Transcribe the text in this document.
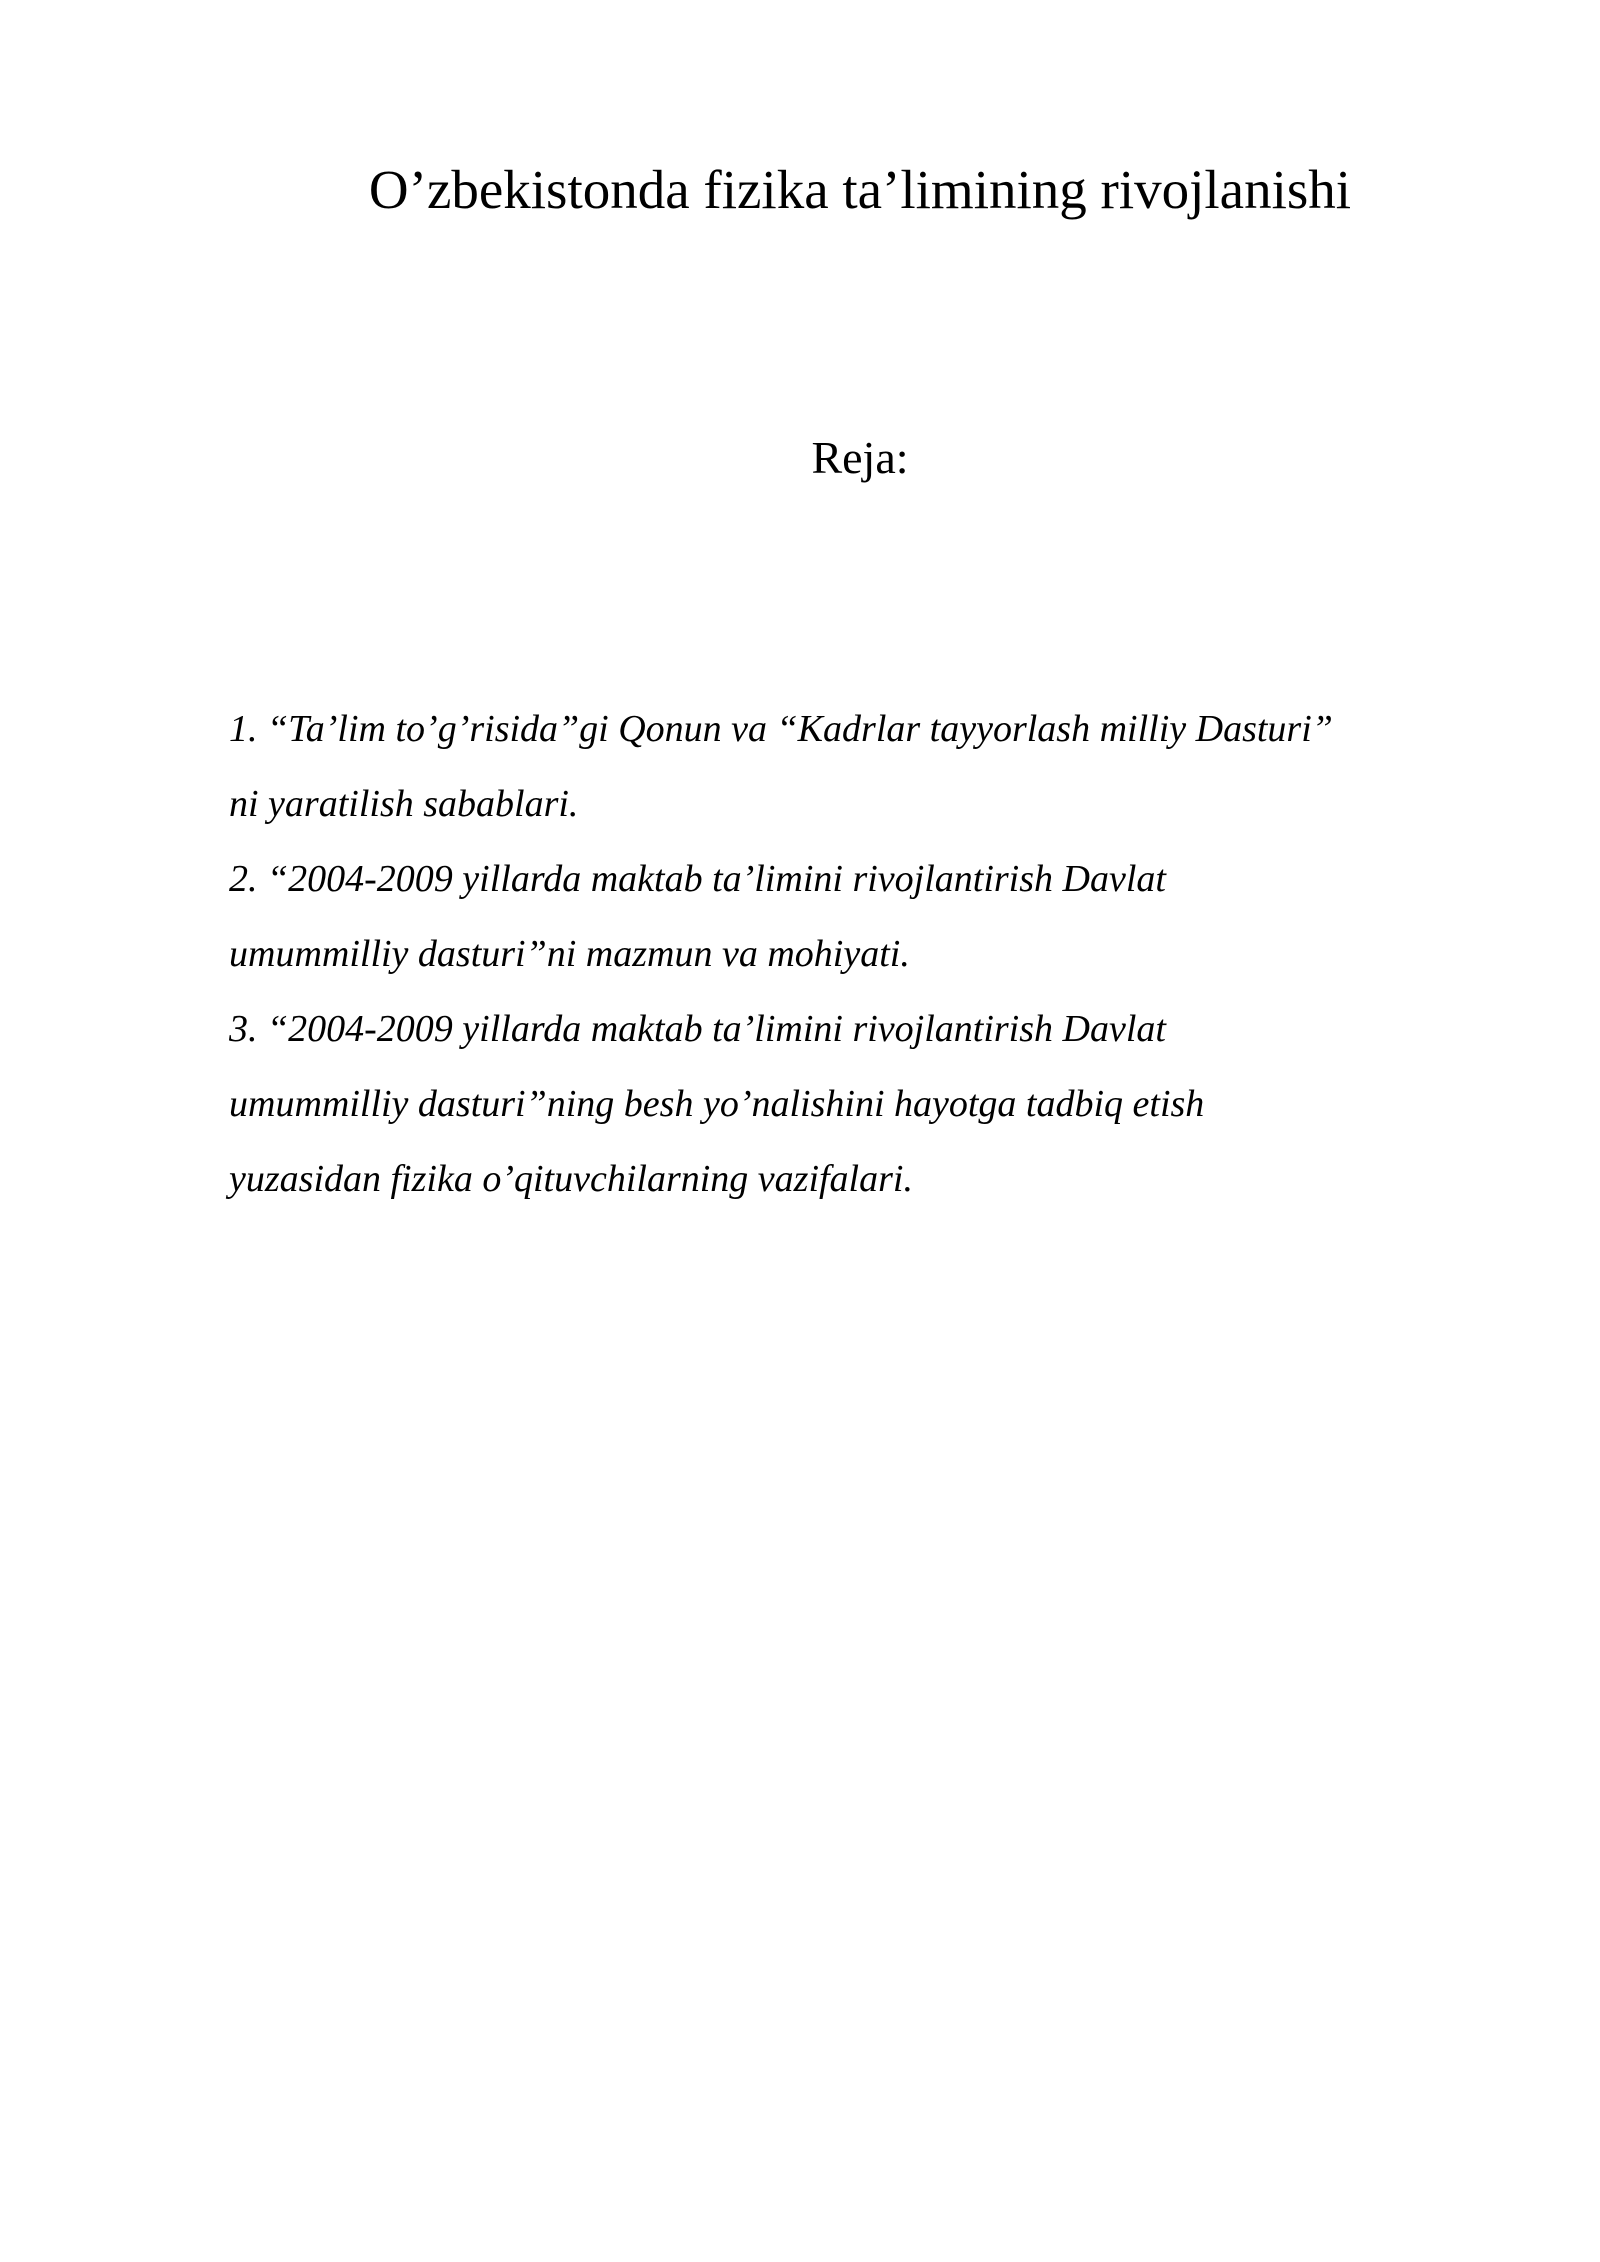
O’zbekistonda fizika ta’limining rivojlanishi

Reja:

1. “Ta’lim to’g’risida”gi Qonun va “Kadrlar tayyorlash milliy Dasturi”
ni yaratilish sabablari.
2. “2004-2009 yillarda maktab ta’limini rivojlantirish Davlat
umummilliy dasturi”ni mazmun va mohiyati.
3. “2004-2009 yillarda maktab ta’limini rivojlantirish Davlat
umummilliy dasturi”ning besh yo’nalishini hayotga tadbiq etish
yuzasidan fizika o’qituvchilarning vazifalari.
